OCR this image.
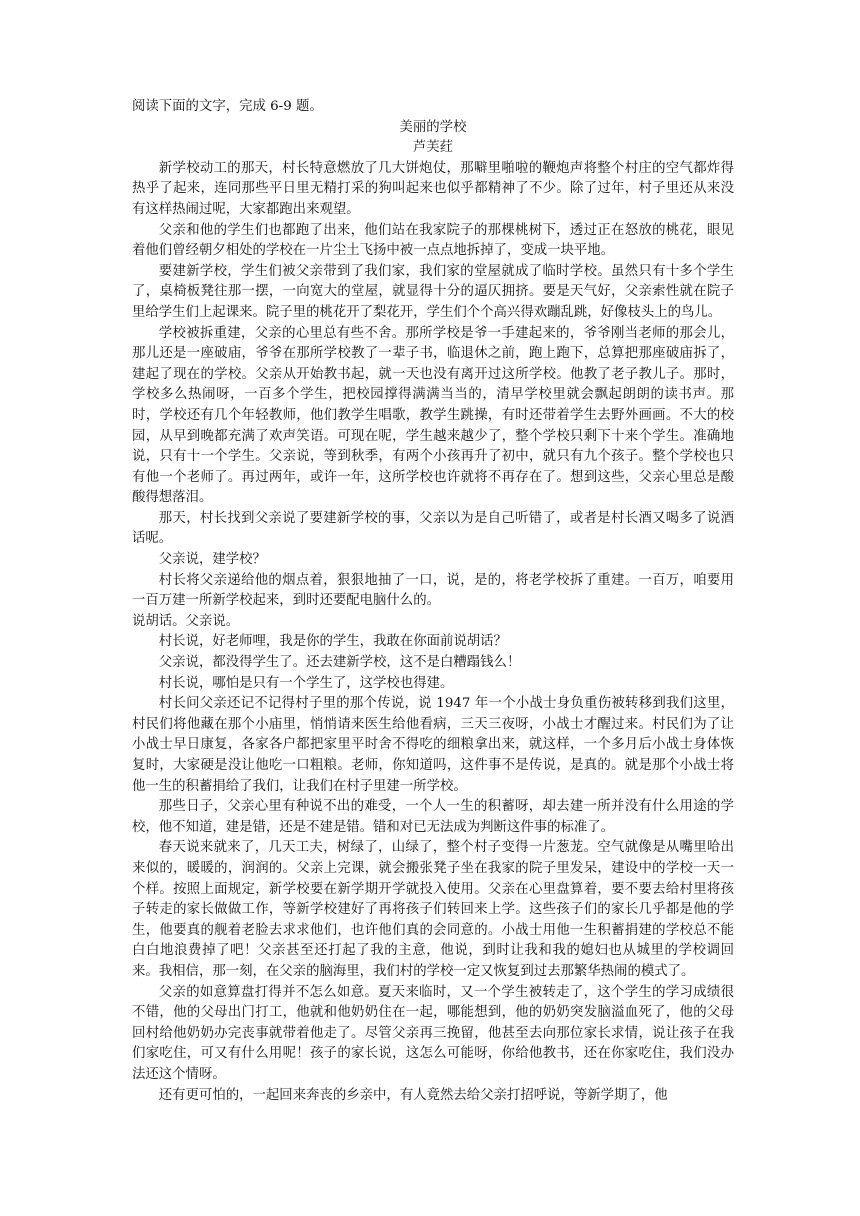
阅读下面的文字，完成 6-9 题。

美丽的学校

芦芙荭

新学校动工的那天，村长特意燃放了几大饼炮仗，那噼里啪啦的鞭炮声将整个村庄的空气都炸得热乎了起来，连同那些平日里无精打采的狗叫起来也似乎都精神了不少。除了过年，村子里还从来没有这样热闹过呢，大家都跑出来观望。

父亲和他的学生们也都跑了出来，他们站在我家院子的那棵桃树下，透过正在怒放的桃花，眼见着他们曾经朝夕相处的学校在一片尘土飞扬中被一点点地拆掉了，变成一块平地。

要建新学校，学生们被父亲带到了我们家，我们家的堂屋就成了临时学校。虽然只有十多个学生了，桌椅板凳往那一摆，一向宽大的堂屋，就显得十分的逼仄拥挤。要是天气好，父亲索性就在院子里给学生们上起课来。院子里的桃花开了梨花开，学生们个个高兴得欢蹦乱跳，好像枝头上的鸟儿。

学校被拆重建，父亲的心里总有些不舍。那所学校是爷一手建起来的，爷爷刚当老师的那会儿，那儿还是一座破庙，爷爷在那所学校教了一辈子书，临退休之前，跑上跑下，总算把那座破庙拆了，建起了现在的学校。父亲从开始教书起，就一天也没有离开过这所学校。他教了老子教儿子。那时，学校多么热闹呀，一百多个学生，把校园撑得满满当当的，清早学校里就会飘起朗朗的读书声。那时，学校还有几个年轻教师，他们教学生唱歌，教学生跳操，有时还带着学生去野外画画。不大的校园，从早到晚都充满了欢声笑语。可现在呢，学生越来越少了，整个学校只剩下十来个学生。准确地说，只有十一个学生。父亲说，等到秋季，有两个小孩再升了初中，就只有九个孩子。整个学校也只有他一个老师了。再过两年，或许一年，这所学校也许就将不再存在了。想到这些，父亲心里总是酸酸得想落泪。

那天，村长找到父亲说了要建新学校的事，父亲以为是自己听错了，或者是村长酒又喝多了说酒话呢。

父亲说，建学校？

村长将父亲递给他的烟点着，狠狠地抽了一口，说，是的，将老学校拆了重建。一百万，咱要用一百万建一所新学校起来，到时还要配电脑什么的。

说胡话。父亲说。

村长说，好老师哩，我是你的学生，我敢在你面前说胡话？

父亲说，都没得学生了。还去建新学校，这不是白糟蹋钱么！

村长说，哪怕是只有一个学生了，这学校也得建。

村长问父亲还记不记得村子里的那个传说，说 1947 年一个小战士身负重伤被转移到我们这里，村民们将他藏在那个小庙里，悄悄请来医生给他看病，三天三夜呀，小战士才醒过来。村民们为了让小战士早日康复，各家各户都把家里平时舍不得吃的细粮拿出来，就这样，一个多月后小战士身体恢复时，大家硬是没让他吃一口粗粮。老师，你知道吗，这件事不是传说，是真的。就是那个小战士将他一生的积蓄捐给了我们，让我们在村子里建一所学校。

那些日子，父亲心里有种说不出的难受，一个人一生的积蓄呀，却去建一所并没有什么用途的学校，他不知道，建是错，还是不建是错。错和对已无法成为判断这件事的标准了。

春天说来就来了，几天工夫，树绿了，山绿了，整个村子变得一片葱茏。空气就像是从嘴里哈出来似的，暖暖的，润润的。父亲上完课，就会搬张凳子坐在我家的院子里发呆，建设中的学校一天一个样。按照上面规定，新学校要在新学期开学就投入使用。父亲在心里盘算着，要不要去给村里将孩子转走的家长做做工作，等新学校建好了再将孩子们转回来上学。这些孩子们的家长几乎都是他的学生，他要真的舰着老脸去求求他们，也许他们真的会同意的。小战士用他一生积蓄捐建的学校总不能白白地浪费掉了吧！父亲甚至还打起了我的主意，他说，到时让我和我的媳妇也从城里的学校调回来。我相信，那一刻，在父亲的脑海里，我们村的学校一定又恢复到过去那繁华热闹的模式了。

父亲的如意算盘打得并不怎么如意。夏天来临时，又一个学生被转走了，这个学生的学习成绩很不错，他的父母出门打工，他就和他奶奶住在一起，哪能想到，他的奶奶突发脑溢血死了，他的父母回村给他奶奶办完丧事就带着他走了。尽管父亲再三挽留，他甚至去向那位家长求情，说让孩子在我们家吃住，可又有什么用呢！孩子的家长说，这怎么可能呀，你给他教书，还在你家吃住，我们没办法还这个情呀。

还有更可怕的，一起回来奔丧的乡亲中，有人竟然去给父亲打招呼说，等新学期了，他
